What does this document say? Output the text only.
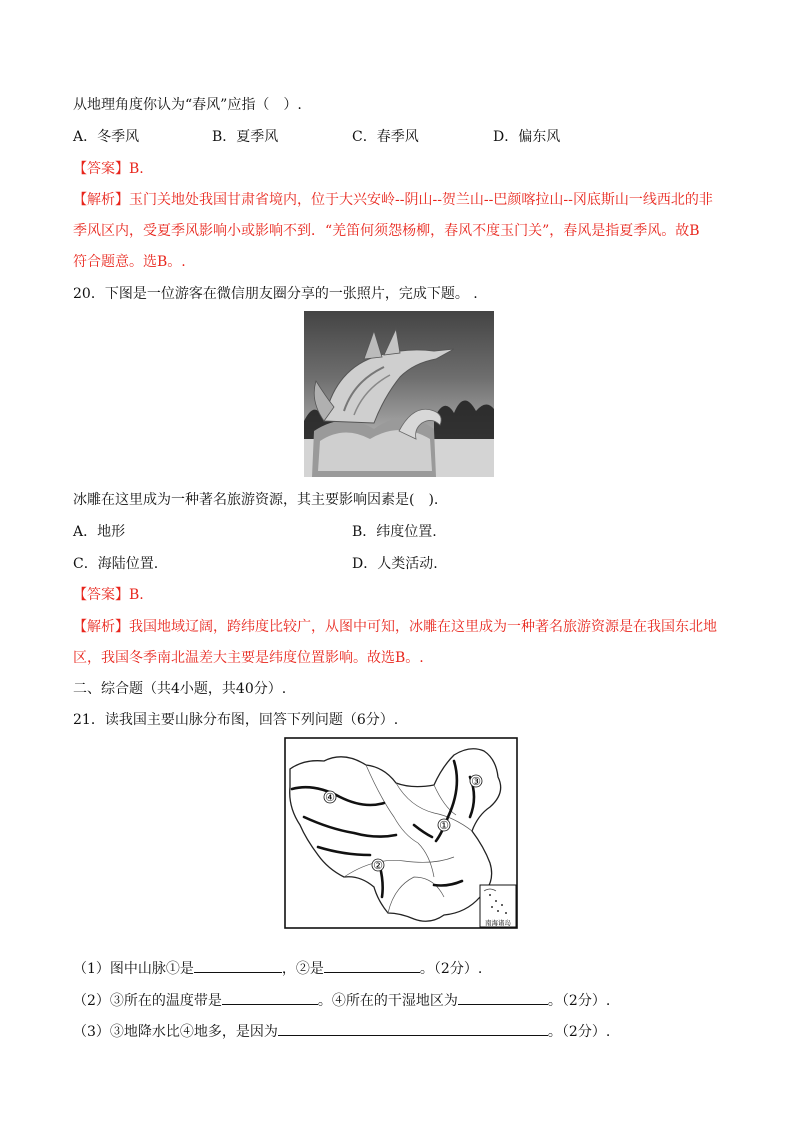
从地理角度你认为“春风”应指（　）.
A．冬季风	B．夏季风	C．春季风	D．偏东风
【答案】B.
【解析】玉门关地处我国甘肃省境内，位于大兴安岭--阴山--贺兰山--巴颜喀拉山--冈底斯山一线西北的非
季风区内，受夏季风影响小或影响不到．“羌笛何须怨杨柳，春风不度玉门关”，春风是指夏季风。故B
符合题意。选B。.
20．下图是一位游客在微信朋友圈分享的一张照片，完成下题。 .
冰雕在这里成为一种著名旅游资源，其主要影响因素是(　).
A．地形	B．纬度位置.
C．海陆位置.	D．人类活动.
【答案】B.
【解析】我国地域辽阔，跨纬度比较广，从图中可知，冰雕在这里成为一种著名旅游资源是在我国东北地
区，我国冬季南北温差大主要是纬度位置影响。故选B。.
二、综合题（共4小题，共40分）.
21．读我国主要山脉分布图，回答下列问题（6分）.
④
①
②
③
南海诸岛
（1）图中山脉①是	，②是	。（2分）.
（2）③所在的温度带是	。④所在的干湿地区为	。（2分）.
（3）③地降水比④地多，是因为	。（2分）.
